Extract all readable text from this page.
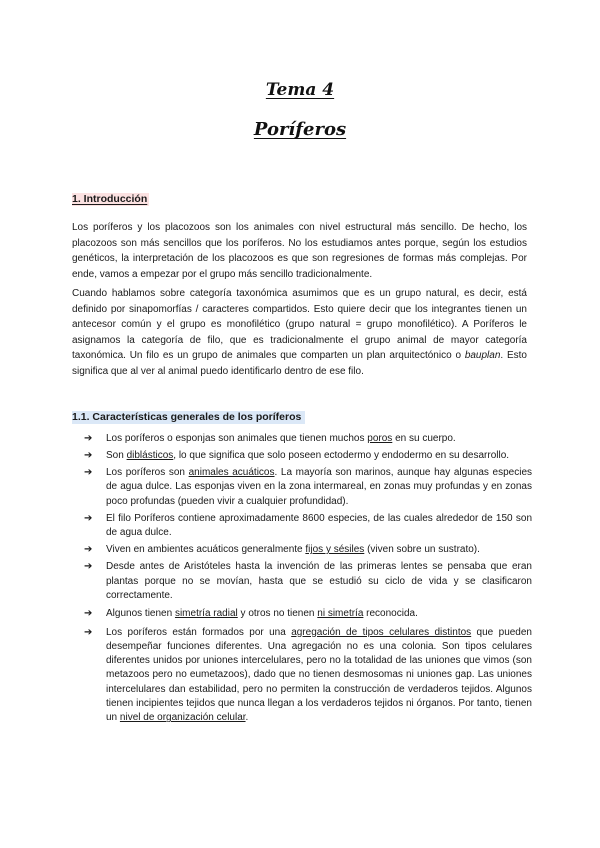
Tema 4
Poríferos
1. Introducción

Los poríferos y los placozoos son los animales con nivel estructural más sencillo. De hecho, los placozoos son más sencillos que los poríferos. No los estudiamos antes porque, según los estudios genéticos, la interpretación de los placozoos es que son regresiones de formas más complejas. Por ende, vamos a empezar por el grupo más sencillo tradicionalmente.

Cuando hablamos sobre categoría taxonómica asumimos que es un grupo natural, es decir, está definido por sinapomorfías / caracteres compartidos. Esto quiere decir que los integrantes tienen un antecesor común y el grupo es monofilético (grupo natural = grupo monofilético). A Poríferos le asignamos la categoría de filo, que es tradicionalmente el grupo animal de mayor categoría taxonómica. Un filo es un grupo de animales que comparten un plan arquitectónico o bauplan. Esto significa que al ver al animal puedo identificarlo dentro de ese filo.

1.1. Características generales de los poríferos
➔ Los poríferos o esponjas son animales que tienen muchos poros en su cuerpo.
➔ Son diblásticos, lo que significa que solo poseen ectodermo y endodermo en su desarrollo.
➔ Los poríferos son animales acuáticos. La mayoría son marinos, aunque hay algunas especies de agua dulce. Las esponjas viven en la zona intermareal, en zonas muy profundas y en zonas poco profundas (pueden vivir a cualquier profundidad).
➔ El filo Poríferos contiene aproximadamente 8600 especies, de las cuales alrededor de 150 son de agua dulce.
➔ Viven en ambientes acuáticos generalmente fijos y sésiles (viven sobre un sustrato).
➔ Desde antes de Aristóteles hasta la invención de las primeras lentes se pensaba que eran plantas porque no se movían, hasta que se estudió su ciclo de vida y se clasificaron correctamente.
➔ Algunos tienen simetría radial y otros no tienen ni simetría reconocida.
➔ Los poríferos están formados por una agregación de tipos celulares distintos que pueden desempeñar funciones diferentes. Una agregación no es una colonia. Son tipos celulares diferentes unidos por uniones intercelulares, pero no la totalidad de las uniones que vimos (son metazoos pero no eumetazoos), dado que no tienen desmosomas ni uniones gap. Las uniones intercelulares dan estabilidad, pero no permiten la construcción de verdaderos tejidos. Algunos tienen incipientes tejidos que nunca llegan a los verdaderos tejidos ni órganos. Por tanto, tienen un nivel de organización celular.
